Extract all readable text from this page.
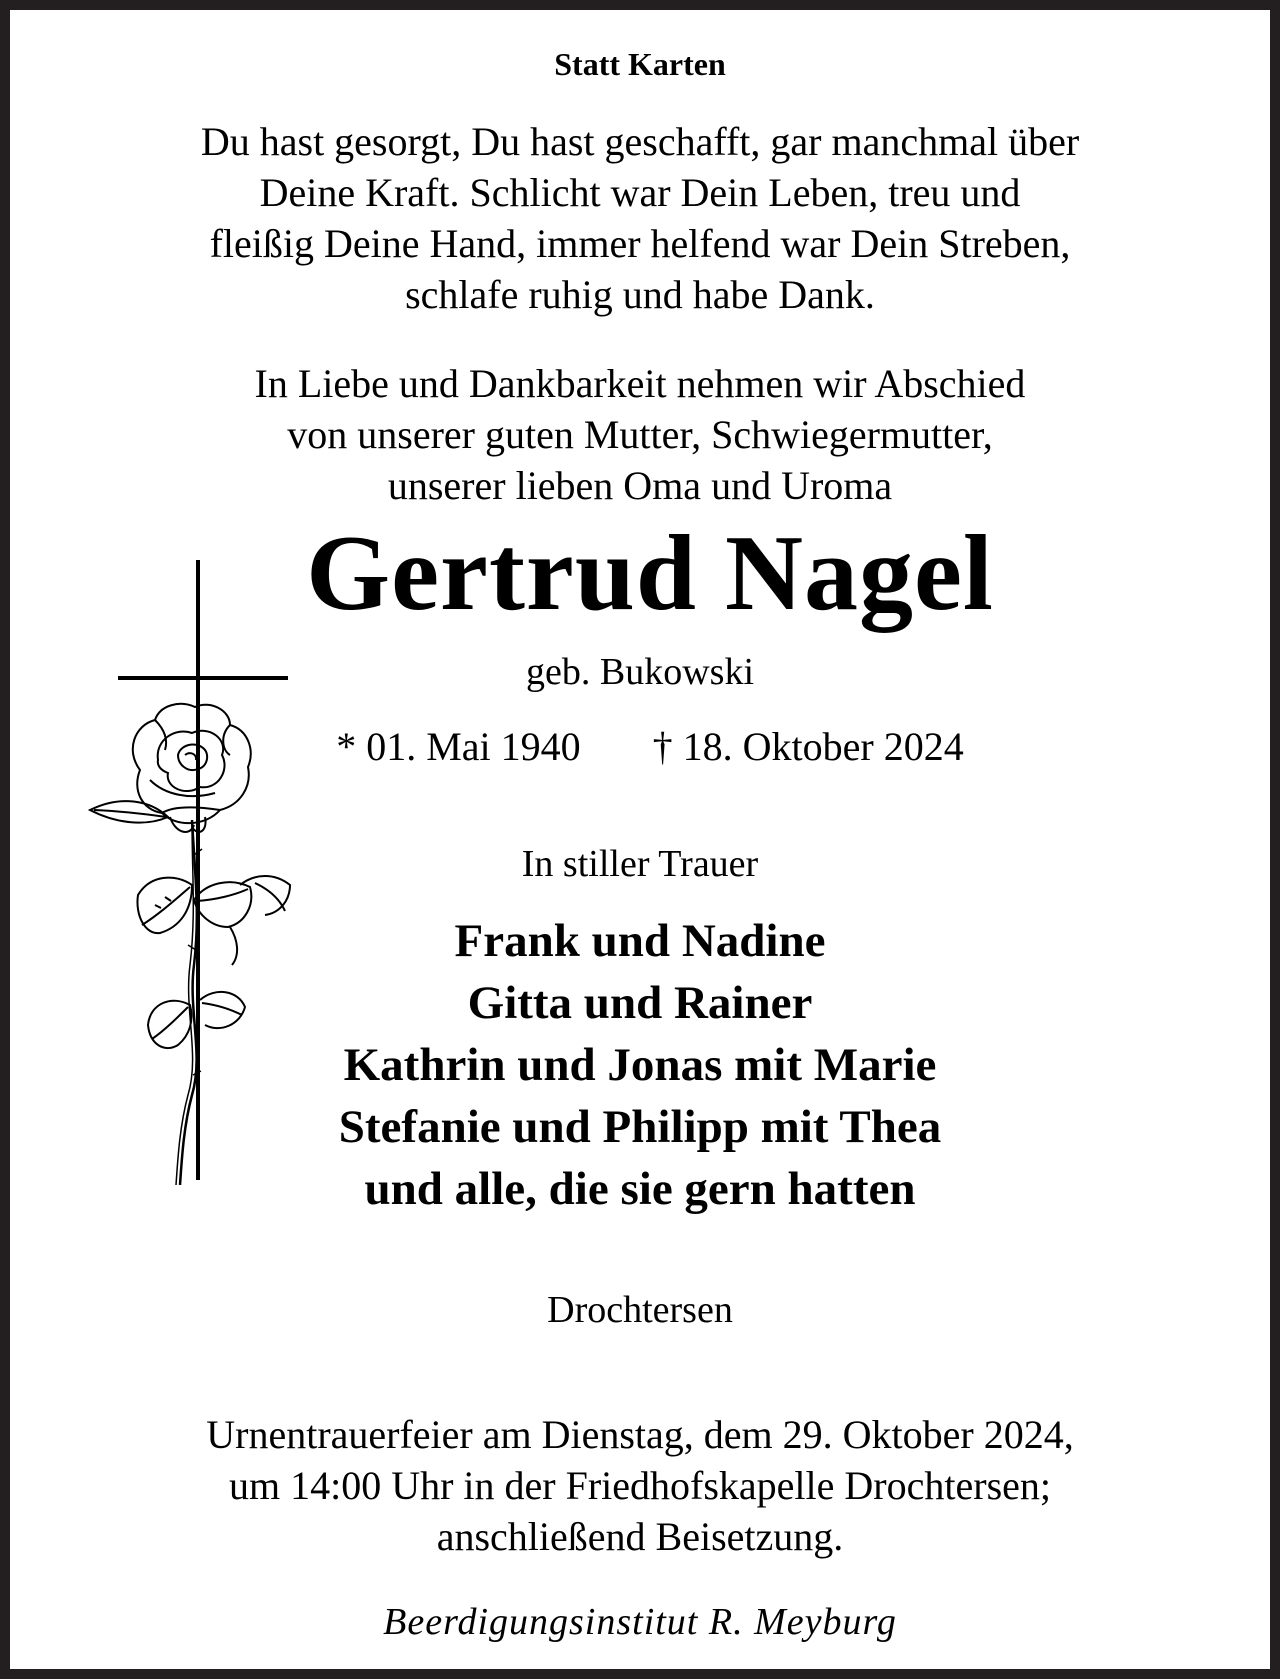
Statt Karten
Du hast gesorgt, Du hast geschafft, gar manchmal über
Deine Kraft. Schlicht war Dein Leben, treu und
fleißig Deine Hand, immer helfend war Dein Streben,
schlafe ruhig und habe Dank.
In Liebe und Dankbarkeit nehmen wir Abschied
von unserer guten Mutter, Schwiegermutter,
unserer lieben Oma und Uroma
Gertrud Nagel
geb. Bukowski
* 01. Mai 1940 † 18. Oktober 2024
In stiller Trauer
Frank und Nadine
Gitta und Rainer
Kathrin und Jonas mit Marie
Stefanie und Philipp mit Thea
und alle, die sie gern hatten
Drochtersen
Urnentrauerfeier am Dienstag, dem 29. Oktober 2024,
um 14:00 Uhr in der Friedhofskapelle Drochtersen;
anschließend Beisetzung.
Beerdigungsinstitut R. Meyburg
